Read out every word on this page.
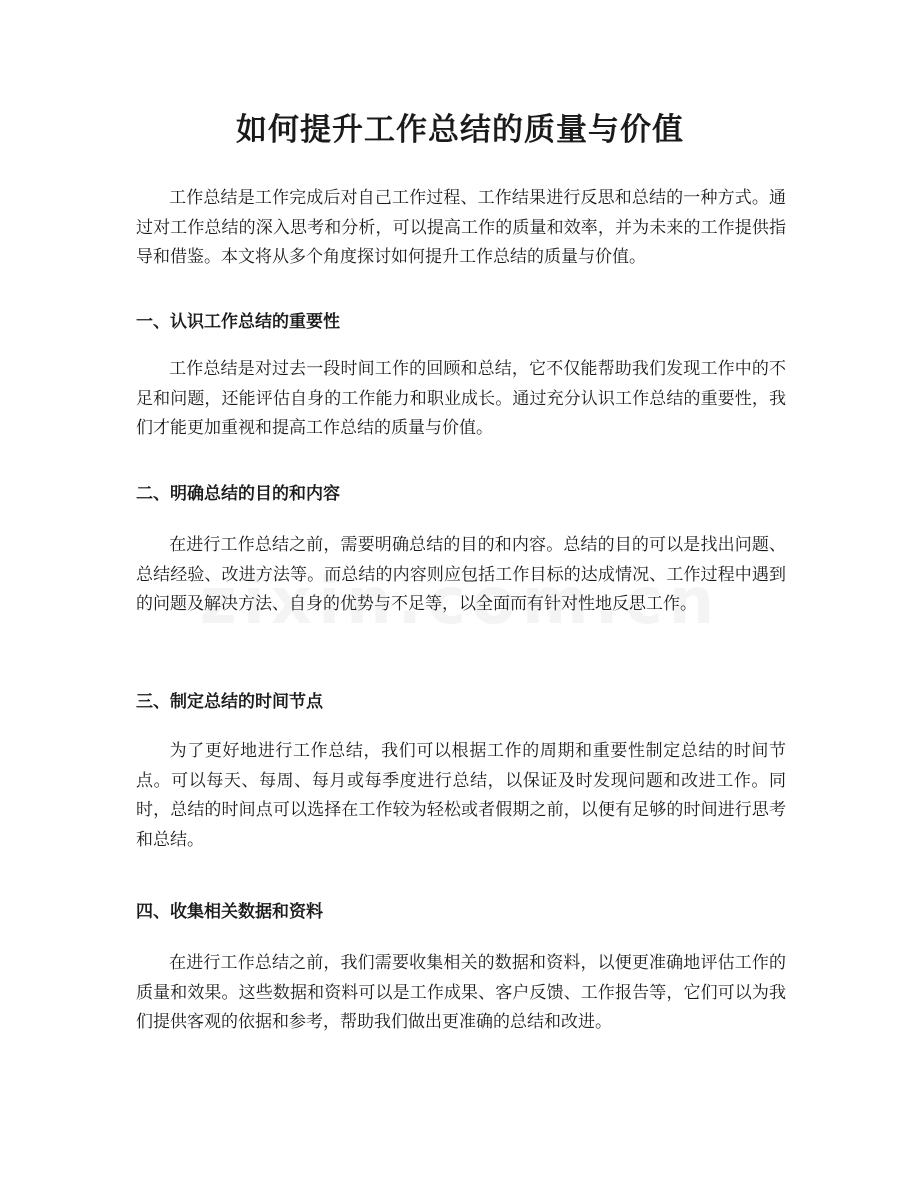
如何提升工作总结的质量与价值
工作总结是工作完成后对自己工作过程、工作结果进行反思和总结的一种方式。通过对工作总结的深入思考和分析，可以提高工作的质量和效率，并为未来的工作提供指导和借鉴。本文将从多个角度探讨如何提升工作总结的质量与价值。
一、认识工作总结的重要性
工作总结是对过去一段时间工作的回顾和总结，它不仅能帮助我们发现工作中的不足和问题，还能评估自身的工作能力和职业成长。通过充分认识工作总结的重要性，我们才能更加重视和提高工作总结的质量与价值。
二、明确总结的目的和内容
在进行工作总结之前，需要明确总结的目的和内容。总结的目的可以是找出问题、总结经验、改进方法等。而总结的内容则应包括工作目标的达成情况、工作过程中遇到的问题及解决方法、自身的优势与不足等，以全面而有针对性地反思工作。
三、制定总结的时间节点
为了更好地进行工作总结，我们可以根据工作的周期和重要性制定总结的时间节点。可以每天、每周、每月或每季度进行总结，以保证及时发现问题和改进工作。同时，总结的时间点可以选择在工作较为轻松或者假期之前，以便有足够的时间进行思考和总结。
四、收集相关数据和资料
在进行工作总结之前，我们需要收集相关的数据和资料，以便更准确地评估工作的质量和效果。这些数据和资料可以是工作成果、客户反馈、工作报告等，它们可以为我们提供客观的依据和参考，帮助我们做出更准确的总结和改进。
